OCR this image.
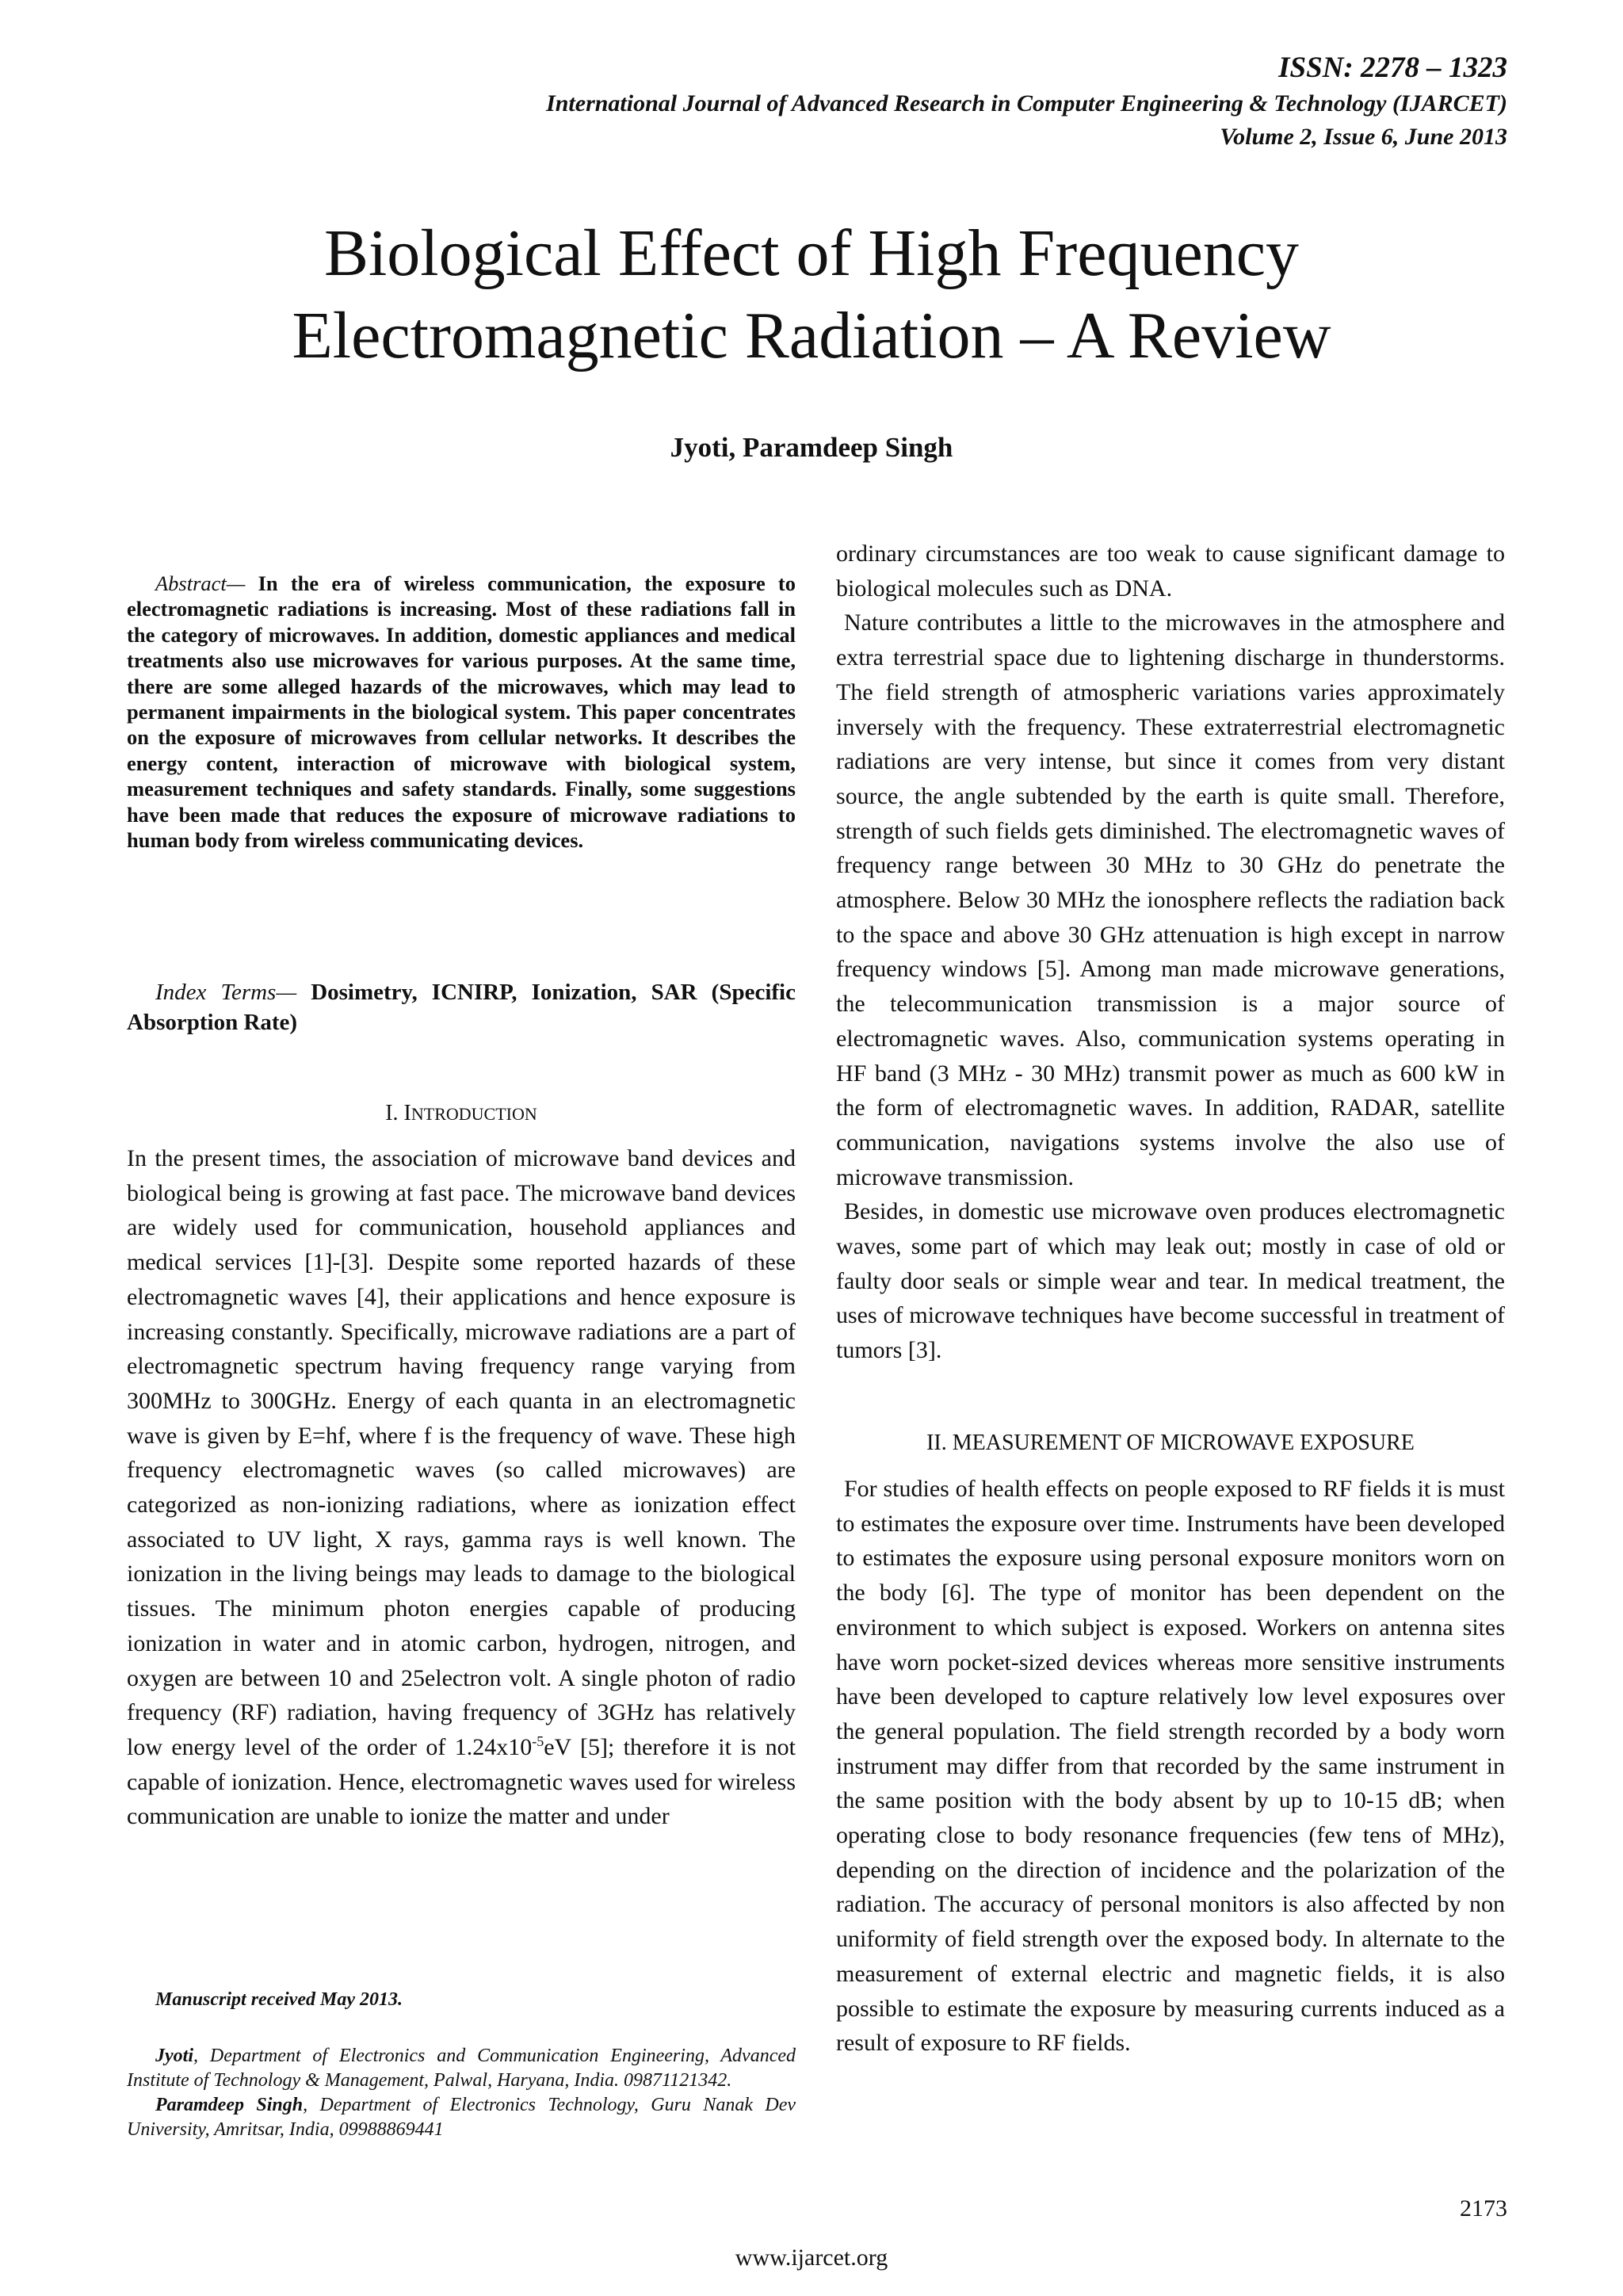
ISSN: 2278 – 1323
International Journal of Advanced Research in Computer Engineering & Technology (IJARCET)
Volume 2, Issue 6, June 2013
Biological Effect of High Frequency
Electromagnetic Radiation – A Review
Jyoti, Paramdeep Singh

Abstract— In the era of wireless communication, the exposure to electromagnetic radiations is increasing. Most of these radiations fall in the category of microwaves. In addition, domestic appliances and medical treatments also use microwaves for various purposes. At the same time, there are some alleged hazards of the microwaves, which may lead to permanent impairments in the biological system. This paper concentrates on the exposure of microwaves from cellular networks. It describes the energy content, interaction of microwave with biological system, measurement techniques and safety standards. Finally, some suggestions have been made that reduces the exposure of microwave radiations to human body from wireless communicating devices.

Index Terms— Dosimetry, ICNIRP, Ionization, SAR (Specific Absorption Rate)

I. INTRODUCTION

In the present times, the association of microwave band devices and biological being is growing at fast pace. The microwave band devices are widely used for communication, household appliances and medical services [1]-[3]. Despite some reported hazards of these electromagnetic waves [4], their applications and hence exposure is increasing constantly. Specifically, microwave radiations are a part of electromagnetic spectrum having frequency range varying from 300MHz to 300GHz. Energy of each quanta in an electromagnetic wave is given by E=hf, where f is the frequency of wave. These high frequency electromagnetic waves (so called microwaves) are categorized as non-ionizing radiations, where as ionization effect associated to UV light, X rays, gamma rays is well known. The ionization in the living beings may leads to damage to the biological tissues. The minimum photon energies capable of producing ionization in water and in atomic carbon, hydrogen, nitrogen, and oxygen are between 10 and 25electron volt. A single photon of radio frequency (RF) radiation, having frequency of 3GHz has relatively low energy level of the order of $1.24x10^{-5}eV$ [5]; therefore it is not capable of ionization. Hence, electromagnetic waves used for wireless communication are unable to ionize the matter and under

ordinary circumstances are too weak to cause significant damage to biological molecules such as DNA.

Nature contributes a little to the microwaves in the atmosphere and extra terrestrial space due to lightening discharge in thunderstorms. The field strength of atmospheric variations varies approximately inversely with the frequency. These extraterrestrial electromagnetic radiations are very intense, but since it comes from very distant source, the angle subtended by the earth is quite small. Therefore, strength of such fields gets diminished. The electromagnetic waves of frequency range between 30 MHz to 30 GHz do penetrate the atmosphere. Below 30 MHz the ionosphere reflects the radiation back to the space and above 30 GHz attenuation is high except in narrow frequency windows [5]. Among man made microwave generations, the telecommunication transmission is a major source of electromagnetic waves. Also, communication systems operating in HF band (3 MHz - 30 MHz) transmit power as much as 600 kW in the form of electromagnetic waves. In addition, RADAR, satellite communication, navigations systems involve the also use of microwave transmission.

Besides, in domestic use microwave oven produces electromagnetic waves, some part of which may leak out; mostly in case of old or faulty door seals or simple wear and tear. In medical treatment, the uses of microwave techniques have become successful in treatment of tumors [3].

II. MEASUREMENT OF MICROWAVE EXPOSURE

For studies of health effects on people exposed to RF fields it is must to estimates the exposure over time. Instruments have been developed to estimates the exposure using personal exposure monitors worn on the body [6]. The type of monitor has been dependent on the environment to which subject is exposed. Workers on antenna sites have worn pocket-sized devices whereas more sensitive instruments have been developed to capture relatively low level exposures over the general population. The field strength recorded by a body worn instrument may differ from that recorded by the same instrument in the same position with the body absent by up to 10-15 dB; when operating close to body resonance frequencies (few tens of MHz), depending on the direction of incidence and the polarization of the radiation. The accuracy of personal monitors is also affected by non uniformity of field strength over the exposed body. In alternate to the measurement of external electric and magnetic fields, it is also possible to estimate the exposure by measuring currents induced as a result of exposure to RF fields.

Manuscript received May 2013.

Jyoti, Department of Electronics and Communication Engineering, Advanced Institute of Technology & Management, Palwal, Haryana, India. 09871121342.

Paramdeep Singh, Department of Electronics Technology, Guru Nanak Dev University, Amritsar, India, 09988869441

2173
www.ijarcet.org
